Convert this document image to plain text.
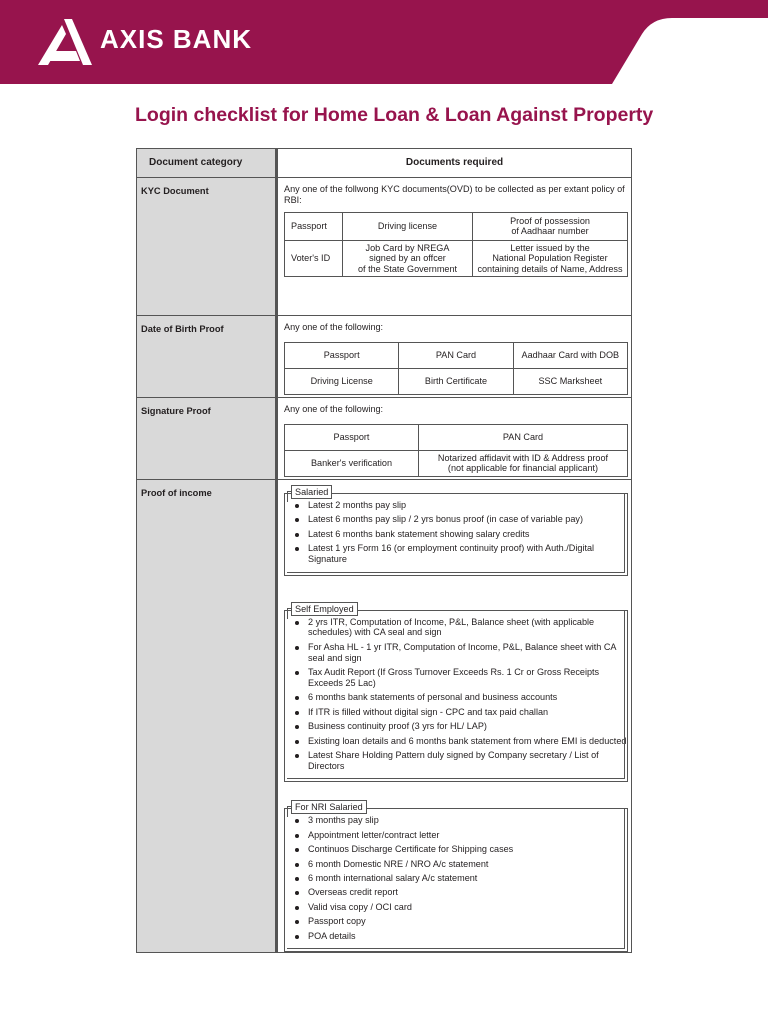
AXIS BANK
Login checklist for Home Loan & Loan Against Property
Document category	Documents required

KYC Document	Any one of the follwong KYC documents(OVD) to be collected as per extant policy of RBI:

Passport	Driving license	Proof of possession
of Aadhaar number
Voter's ID	Job Card by NREGA
signed by an offcer
of the State Government	Letter issued by the
National Population Register
containing details of Name, Address

Date of Birth Proof	Any one of the following:

Passport	PAN Card	Aadhaar Card with DOB
Driving License	Birth Certificate	SSC Marksheet

Signature Proof	Any one of the following:

Passport	PAN Card
Banker's verification	Notarized affidavit with ID & Address proof
(not applicable for financial applicant)

Proof of income	Salaried
Latest 2 months pay slip
Latest 6 months pay slip / 2 yrs bonus proof (in case of variable pay)
Latest 6 months bank statement showing salary credits
Latest 1 yrs Form 16 (or employment continuity proof) with Auth./Digital Signature
Self Employed
2 yrs ITR, Computation of Income, P&L, Balance sheet (with applicable schedules) with CA seal and sign
For Asha HL - 1 yr ITR, Computation of Income, P&L, Balance sheet with CA seal and sign
Tax Audit Report (If Gross Turnover Exceeds Rs. 1 Cr or Gross Receipts Exceeds 25 Lac)
6 months bank statements of personal and business accounts
If ITR is filled without digital sign - CPC and tax paid challan
Business continuity proof (3 yrs for HL/ LAP)
Existing loan details and 6 months bank statement from where EMI is deducted
Latest Share Holding Pattern duly signed by Company secretary / List of Directors
For NRI Salaried
3 months pay slip
Appointment letter/contract letter
Continuos Discharge Certificate for Shipping cases
6 month Domestic NRE / NRO A/c statement
6 month international salary A/c statement
Overseas credit report
Valid visa copy / OCI card
Passport copy
POA details
